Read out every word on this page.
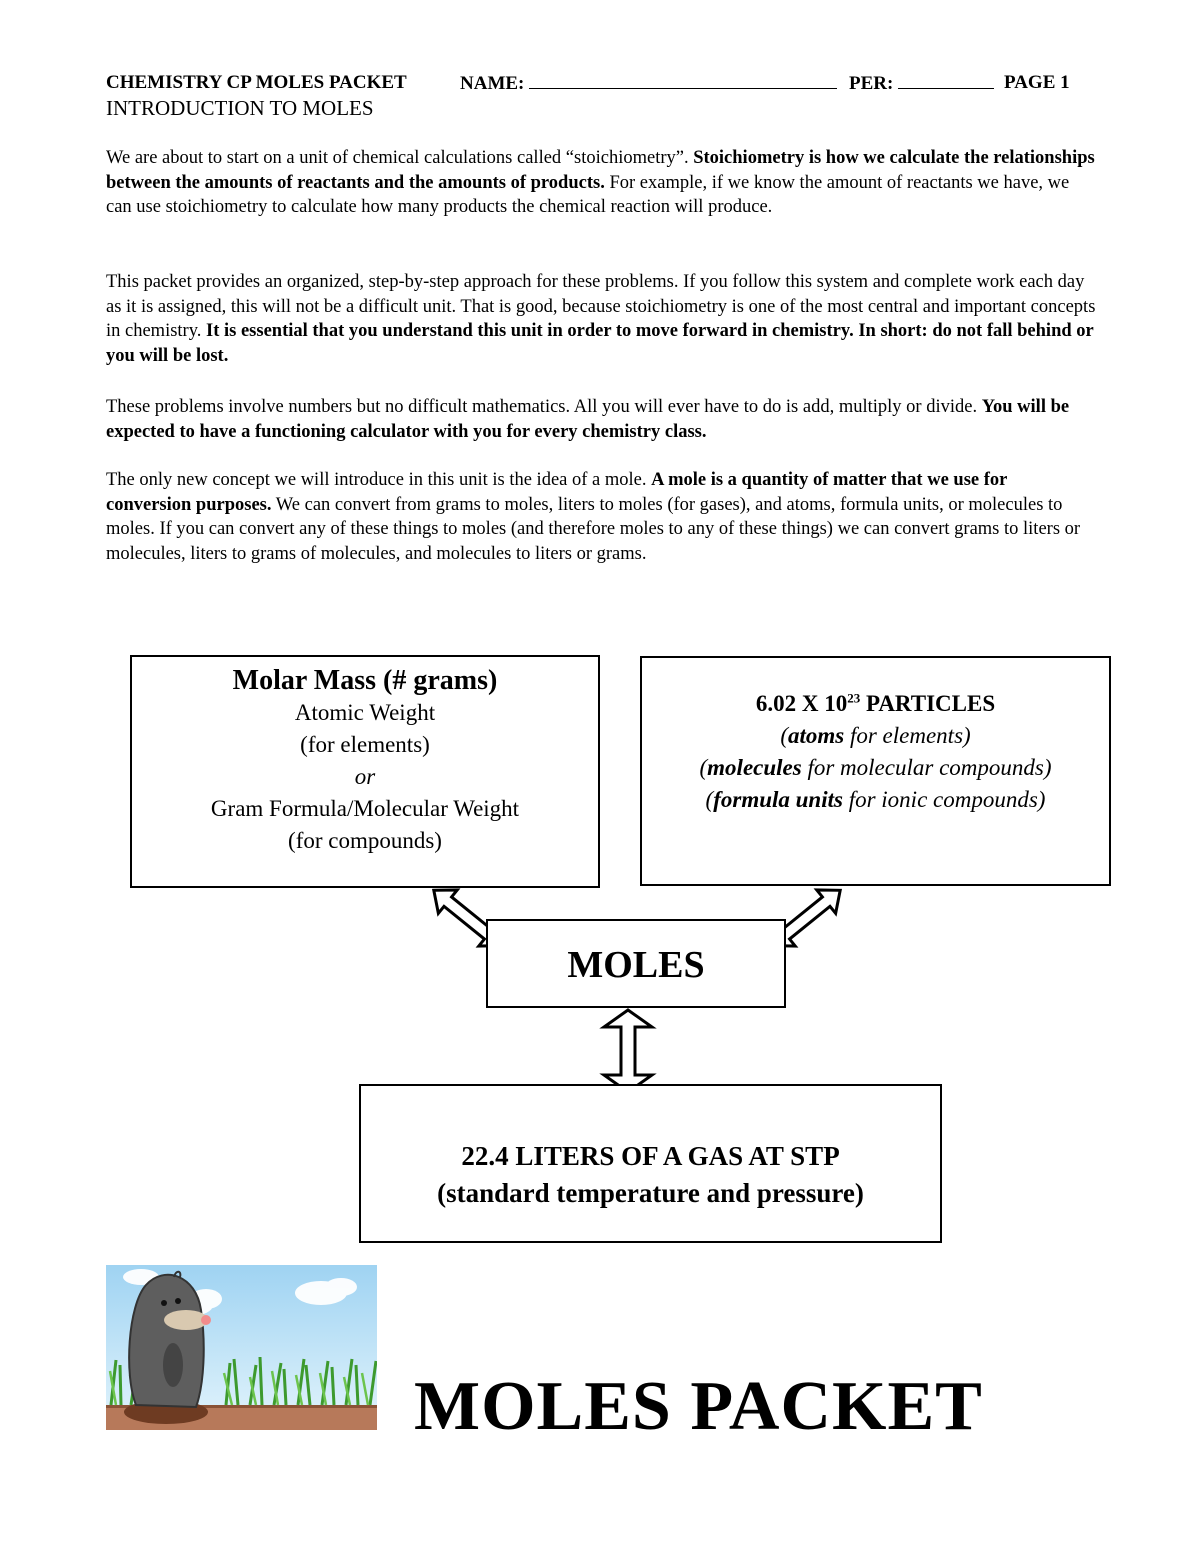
CHEMISTRY CP MOLES PACKET	NAME:	PER:	PAGE 1
INTRODUCTION TO MOLES

We are about to start on a unit of chemical calculations called “stoichiometry”. Stoichiometry is how we calculate the relationships between the amounts of reactants and the amounts of products. For example, if we know the amount of reactants we have, we can use stoichiometry to calculate how many products the chemical reaction will produce.

This packet provides an organized, step-by-step approach for these problems. If you follow this system and complete work each day as it is assigned, this will not be a difficult unit. That is good, because stoichiometry is one of the most central and important concepts in chemistry. It is essential that you understand this unit in order to move forward in chemistry. In short: do not fall behind or you will be lost.

These problems involve numbers but no difficult mathematics. All you will ever have to do is add, multiply or divide. You will be expected to have a functioning calculator with you for every chemistry class.

The only new concept we will introduce in this unit is the idea of a mole. A mole is a quantity of matter that we use for conversion purposes. We can convert from grams to moles, liters to moles (for gases), and atoms, formula units, or molecules to moles. If you can convert any of these things to moles (and therefore moles to any of these things) we can convert grams to liters or molecules, liters to grams of molecules, and molecules to liters or grams.

Molar Mass (# grams)
Atomic Weight
(for elements)
or
Gram Formula/Molecular Weight
(for compounds)
6.02 X $10^{23}$ PARTICLES
(atoms for elements)
(molecules for molecular compounds)
(formula units for ionic compounds)
MOLES
22.4 LITERS OF A GAS AT STP
(standard temperature and pressure)
MOLES PACKET
